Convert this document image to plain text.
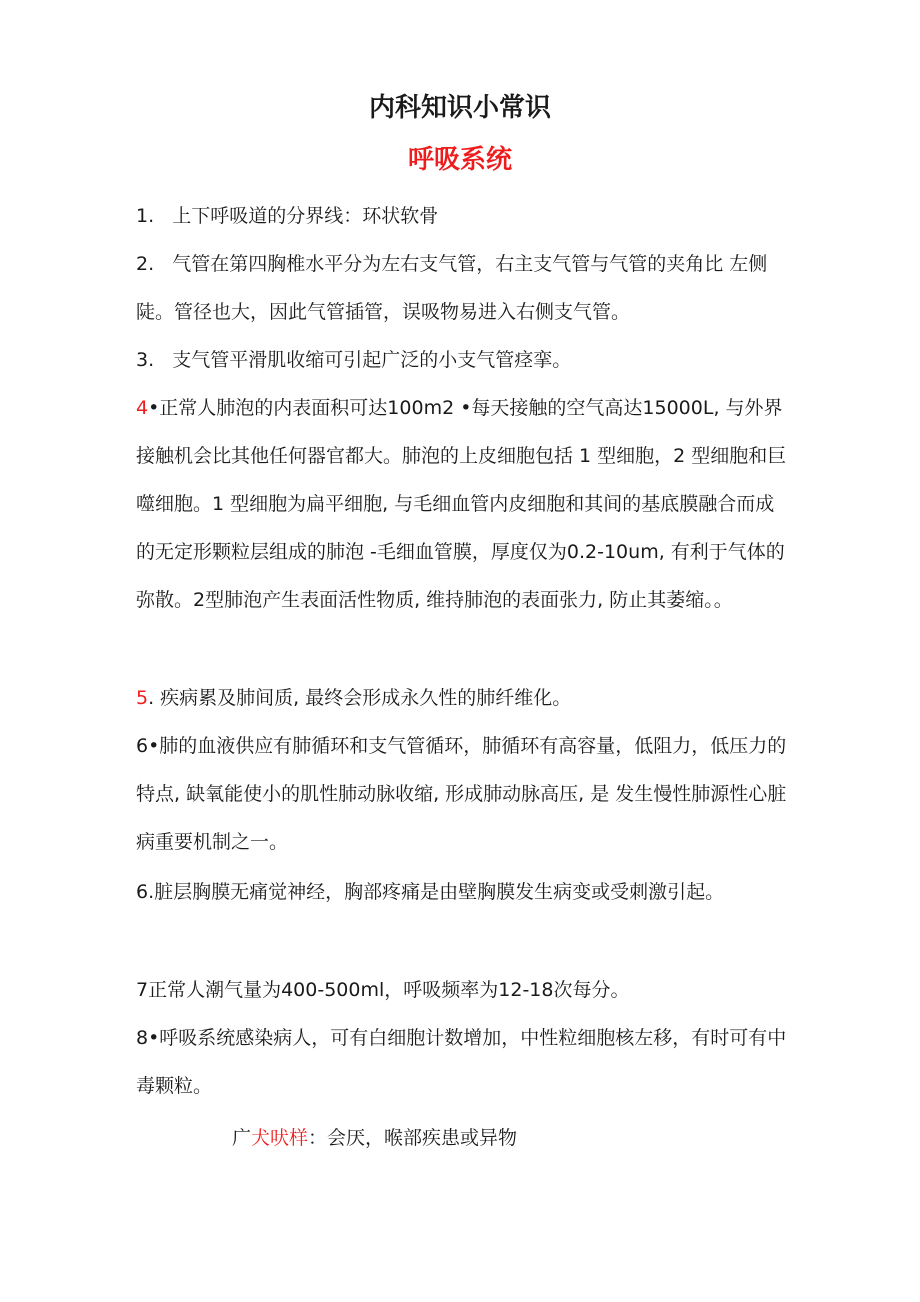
内科知识小常识
呼吸系统

1. 上下呼吸道的分界线：环状软骨

2. 气管在第四胸椎水平分为左右支气管，右主支气管与气管的夹角比 左侧陡。管径也大，因此气管插管，误吸物易进入右侧支气管。

3. 支气管平滑肌收缩可引起广泛的小支气管痉挛。

4•正常人肺泡的内表面积可达100m2 •每天接触的空气高达15000L, 与外界接触机会比其他任何器官都大。肺泡的上皮细胞包括 1 型细胞，2 型细胞和巨噬细胞。1 型细胞为扁平细胞, 与毛细血管内皮细胞和其间的基底膜融合而成的无定形颗粒层组成的肺泡 -毛细血管膜，厚度仅为0.2-10um, 有利于气体的弥散。2型肺泡产生表面活性物质, 维持肺泡的表面张力, 防止其萎缩。。

5. 疾病累及肺间质, 最终会形成永久性的肺纤维化。

6•肺的血液供应有肺循环和支气管循环，肺循环有高容量，低阻力，低压力的特点, 缺氧能使小的肌性肺动脉收缩, 形成肺动脉高压, 是 发生慢性肺源性心脏病重要机制之一。

6.脏层胸膜无痛觉神经，胸部疼痛是由壁胸膜发生病变或受刺激引起。

7正常人潮气量为400-500ml，呼吸频率为12-18次每分。

8•呼吸系统感染病人，可有白细胞计数增加，中性粒细胞核左移，有时可有中毒颗粒。

广犬吠样：会厌，喉部疾患或异物
